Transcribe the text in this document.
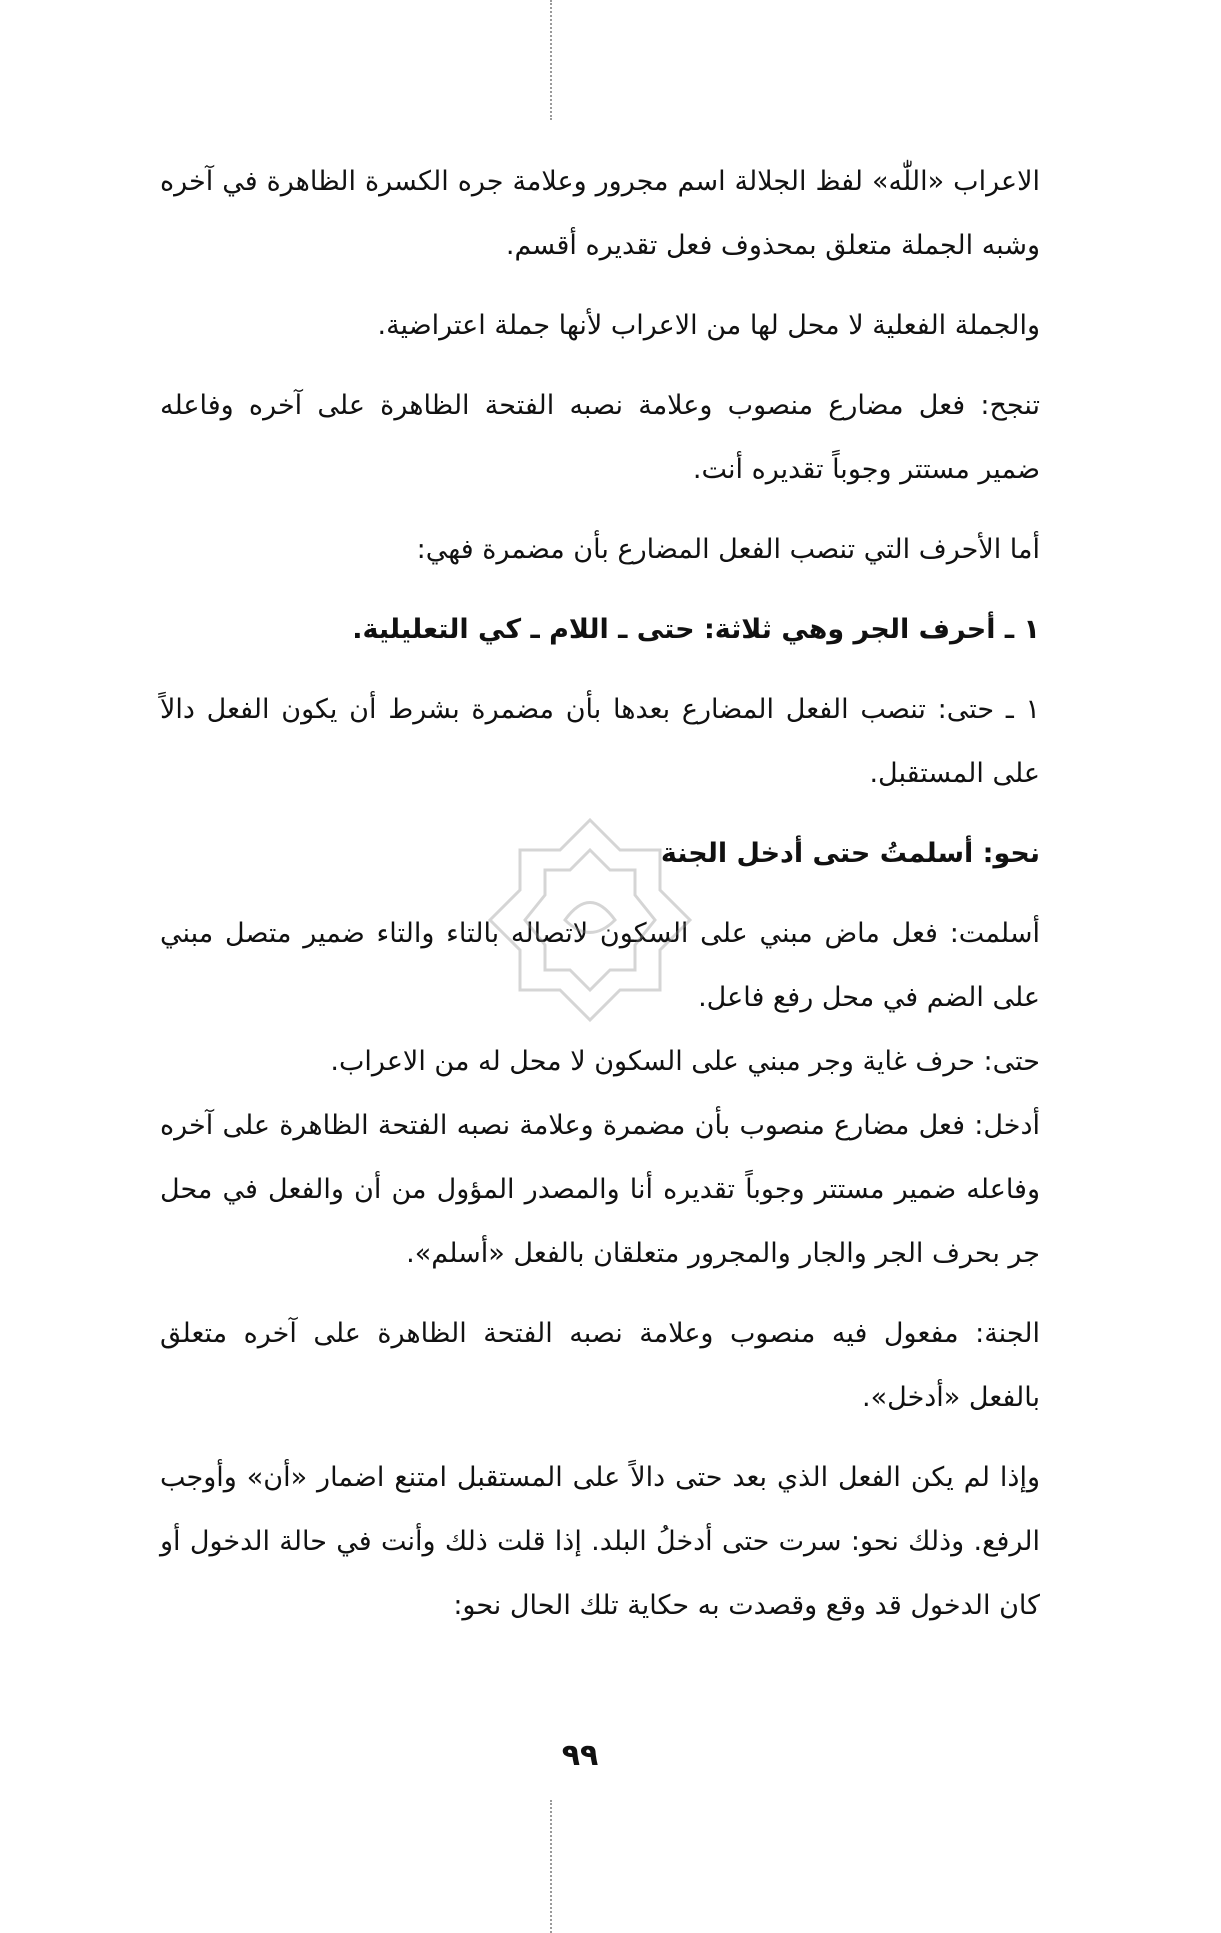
الاعراب «اللّٰه» لفظ الجلالة اسم مجرور وعلامة جره الكسرة الظاهرة في آخره وشبه الجملة متعلق بمحذوف فعل تقديره أقسم.

والجملة الفعلية لا محل لها من الاعراب لأنها جملة اعتراضية.

تنجح: فعل مضارع منصوب وعلامة نصبه الفتحة الظاهرة على آخره وفاعله ضمير مستتر وجوباً تقديره أنت.

أما الأحرف التي تنصب الفعل المضارع بأن مضمرة فهي:

١ ـ أحرف الجر وهي ثلاثة: حتى ـ اللام ـ كي التعليلية.

١ ـ حتى: تنصب الفعل المضارع بعدها بأن مضمرة بشرط أن يكون الفعل دالاً على المستقبل.

نحو: أسلمتُ حتى أدخل الجنة

أسلمت: فعل ماض مبني على السكون لاتصاله بالتاء والتاء ضمير متصل مبني على الضم في محل رفع فاعل.

حتى: حرف غاية وجر مبني على السكون لا محل له من الاعراب.

أدخل: فعل مضارع منصوب بأن مضمرة وعلامة نصبه الفتحة الظاهرة على آخره وفاعله ضمير مستتر وجوباً تقديره أنا والمصدر المؤول من أن والفعل في محل جر بحرف الجر والجار والمجرور متعلقان بالفعل «أسلم».

الجنة: مفعول فيه منصوب وعلامة نصبه الفتحة الظاهرة على آخره متعلق بالفعل «أدخل».

وإذا لم يكن الفعل الذي بعد حتى دالاً على المستقبل امتنع اضمار «أن» وأوجب الرفع. وذلك نحو: سرت حتى أدخلُ البلد. إذا قلت ذلك وأنت في حالة الدخول أو كان الدخول قد وقع وقصدت به حكاية تلك الحال نحو:

٩٩
